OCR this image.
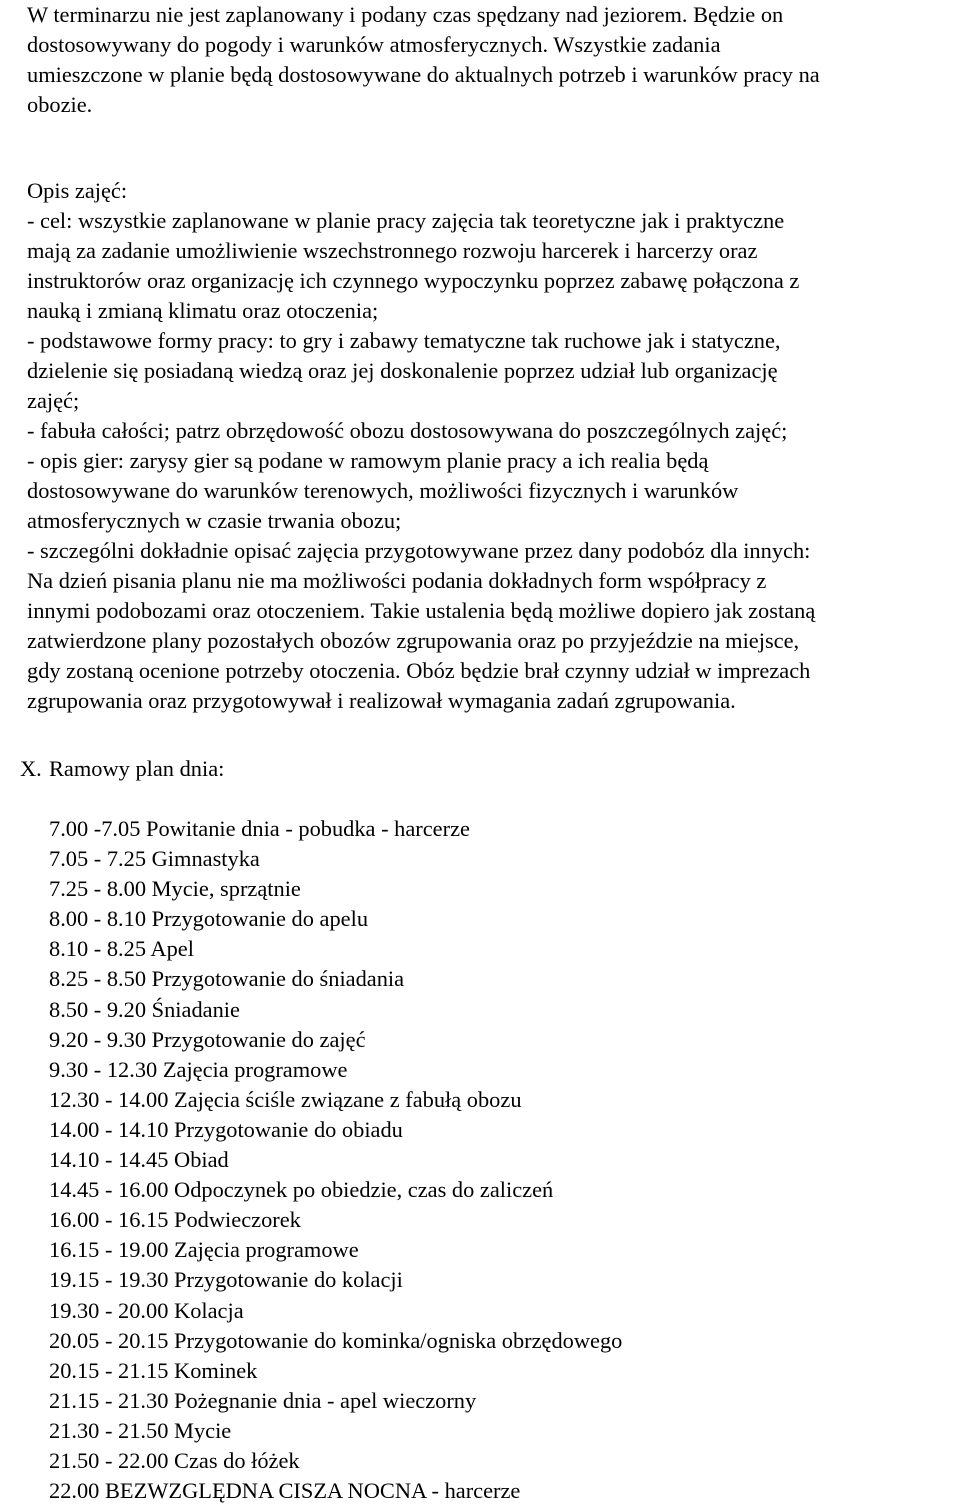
W terminarzu nie jest zaplanowany i podany czas spędzany nad jeziorem. Będzie on
dostosowywany do pogody i warunków atmosferycznych. Wszystkie zadania
umieszczone w planie będą dostosowywane do aktualnych potrzeb i warunków pracy na
obozie.
Opis zajęć:
- cel: wszystkie zaplanowane w planie pracy zajęcia tak teoretyczne jak i praktyczne
mają za zadanie umożliwienie wszechstronnego rozwoju harcerek i harcerzy oraz
instruktorów oraz organizację ich czynnego wypoczynku poprzez zabawę połączona z
nauką i zmianą klimatu oraz otoczenia;
- podstawowe formy pracy: to gry i zabawy tematyczne tak ruchowe jak i statyczne,
dzielenie się posiadaną wiedzą oraz jej doskonalenie poprzez udział lub organizację
zajęć;
- fabuła całości; patrz obrzędowość obozu dostosowywana do poszczególnych zajęć;
- opis gier: zarysy gier są podane w ramowym planie pracy a ich realia będą
dostosowywane do warunków terenowych, możliwości fizycznych i warunków
atmosferycznych w czasie trwania obozu;
- szczególni dokładnie opisać zajęcia przygotowywane przez dany podobóz dla innych:
Na dzień pisania planu nie ma możliwości podania dokładnych form współpracy z
innymi podobozami oraz otoczeniem. Takie ustalenia będą możliwe dopiero jak zostaną
zatwierdzone plany pozostałych obozów zgrupowania oraz po przyjeździe na miejsce,
gdy zostaną ocenione potrzeby otoczenia. Obóz będzie brał czynny udział w imprezach
zgrupowania oraz przygotowywał i realizował wymagania zadań zgrupowania.
X. Ramowy plan dnia:
7.00 -7.05 Powitanie dnia - pobudka - harcerze
7.05 - 7.25 Gimnastyka
7.25 - 8.00 Mycie, sprzątnie
8.00 - 8.10 Przygotowanie do apelu
8.10 - 8.25 Apel
8.25 - 8.50 Przygotowanie do śniadania
8.50 - 9.20 Śniadanie
9.20 - 9.30 Przygotowanie do zajęć
9.30 - 12.30 Zajęcia programowe
12.30 - 14.00 Zajęcia ściśle związane z fabułą obozu
14.00 - 14.10 Przygotowanie do obiadu
14.10 - 14.45 Obiad
14.45 - 16.00 Odpoczynek po obiedzie, czas do zaliczeń
16.00 - 16.15 Podwieczorek
16.15 - 19.00 Zajęcia programowe
19.15 - 19.30 Przygotowanie do kolacji
19.30 - 20.00 Kolacja
20.05 - 20.15 Przygotowanie do kominka/ogniska obrzędowego
20.15 - 21.15 Kominek
21.15 - 21.30 Pożegnanie dnia - apel wieczorny
21.30 - 21.50 Mycie
21.50 - 22.00 Czas do łóżek
22.00 BEZWZGLĘDNA CISZA NOCNA - harcerze
